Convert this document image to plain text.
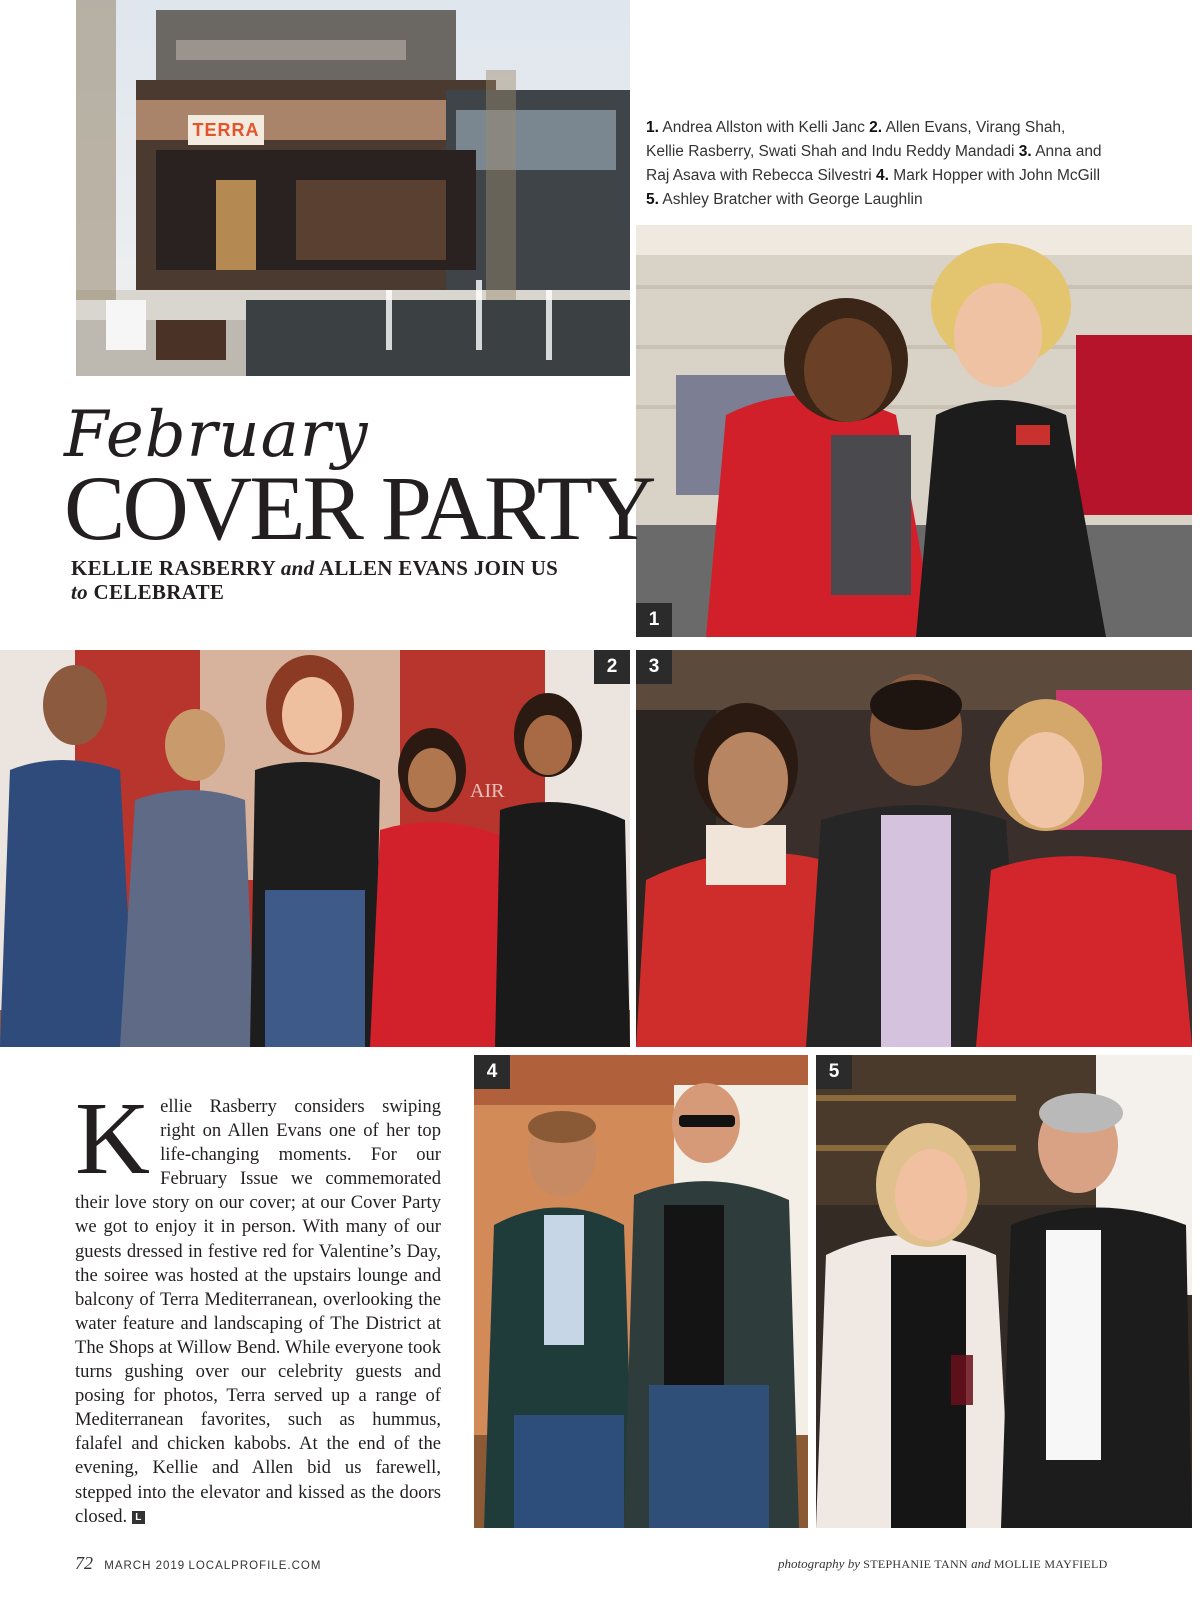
TERRA	1. Andrea Allston with Kelli Janc 2. Allen Evans, Virang Shah, Kellie Rasberry, Swati Shah and Indu Reddy Mandadi 3. Anna and Raj Asava with Rebecca Silvestri 4. Mark Hopper with John McGill 5. Ashley Bratcher with George Laughlin
1
February
COVER PARTY
KELLIE RASBERRY and ALLEN EVANS JOIN US
to CELEBRATE
AIR
2	3
4	5
Kellie Rasberry considers swiping right on Allen Evans one of her top life-changing moments. For our February Issue we commemorated their love story on our cover; at our Cover Party we got to enjoy it in person. With many of our guests dressed in festive red for Valentine’s Day, the soiree was hosted at the upstairs lounge and balcony of Terra Mediterranean, overlooking the water feature and landscaping of The District at The Shops at Willow Bend. While everyone took turns gushing over our celebrity guests and posing for photos, Terra served up a range of Mediterranean favorites, such as hummus, falafel and chicken kabobs. At the end of the evening, Kellie and Allen bid us farewell, stepped into the elevator and kissed as the doors closed. L
72 MARCH 2019 LOCALPROFILE.COM	photography by STEPHANIE TANN and MOLLIE MAYFIELD
